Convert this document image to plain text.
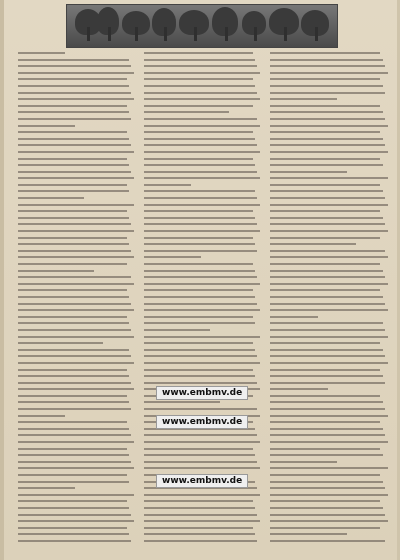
www.embmv.de
www.embmv.de
www.embmv.de
